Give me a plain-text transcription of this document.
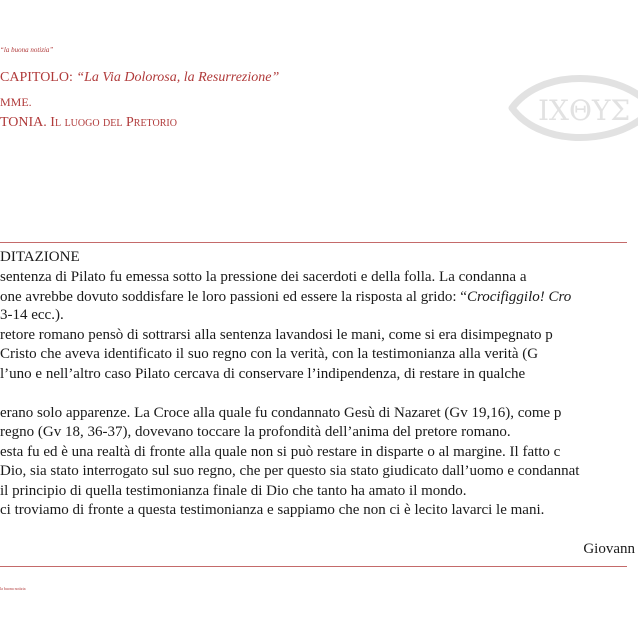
“la buona notizia”
CAPITOLO: “La Via Dolorosa, la Resurrezione”
MME.
TONIA. Il luogo del Pretorio	IXΘYΣ
DITAZIONE
sentenza di Pilato fu emessa sotto la pressione dei sacerdoti e della folla. La condanna a
one avrebbe dovuto soddisfare le loro passioni ed essere la risposta al grido: “Crocifiggilo! Cro
3-14 ecc.).
retore romano pensò di sottrarsi alla sentenza lavandosi le mani, come si era disimpegnato p
Cristo che aveva identificato il suo regno con la verità, con la testimonianza alla verità (G
l’uno e nell’altro caso Pilato cercava di conservare l’indipendenza, di restare in qualche
erano solo apparenze. La Croce alla quale fu condannato Gesù di Nazaret (Gv 19,16), come p
regno (Gv 18, 36-37), dovevano toccare la profondità dell’anima del pretore romano.
esta fu ed è una realtà di fronte alla quale non si può restare in disparte o al margine. Il fatto c
Dio, sia stato interrogato sul suo regno, che per questo sia stato giudicato dall’uomo e condannat
il principio di quella testimonianza finale di Dio che tanto ha amato il mondo.
ci troviamo di fronte a questa testimonianza e sappiamo che non ci è lecito lavarci le mani.
Giovann
la buona notizia
